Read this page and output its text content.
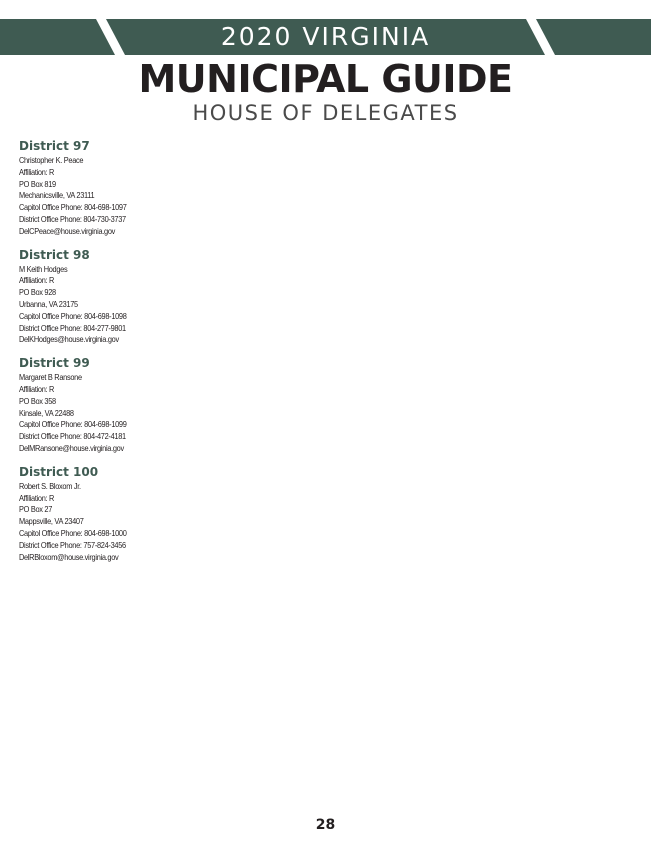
2020 VIRGINIA
MUNICIPAL GUIDE
HOUSE OF DELEGATES
District 97
Christopher K. Peace
Affiliation: R
PO Box 819
Mechanicsville, VA 23111
Capitol Office Phone: 804-698-1097
District Office Phone: 804-730-3737
DelCPeace@house.virginia.gov
District 98
M Keith Hodges
Affiliation: R
PO Box 928
Urbanna, VA 23175
Capitol Office Phone: 804-698-1098
District Office Phone: 804-277-9801
DelKHodges@house.virginia.gov
District 99
Margaret B Ransone
Affiliation: R
PO Box 358
Kinsale, VA 22488
Capitol Office Phone: 804-698-1099
District Office Phone: 804-472-4181
DelMRansone@house.virginia.gov
District 100
Robert S. Bloxom Jr.
Affiliation: R
PO Box 27
Mappsville, VA 23407
Capitol Office Phone: 804-698-1000
District Office Phone: 757-824-3456
DelRBloxom@house.virginia.gov
28
